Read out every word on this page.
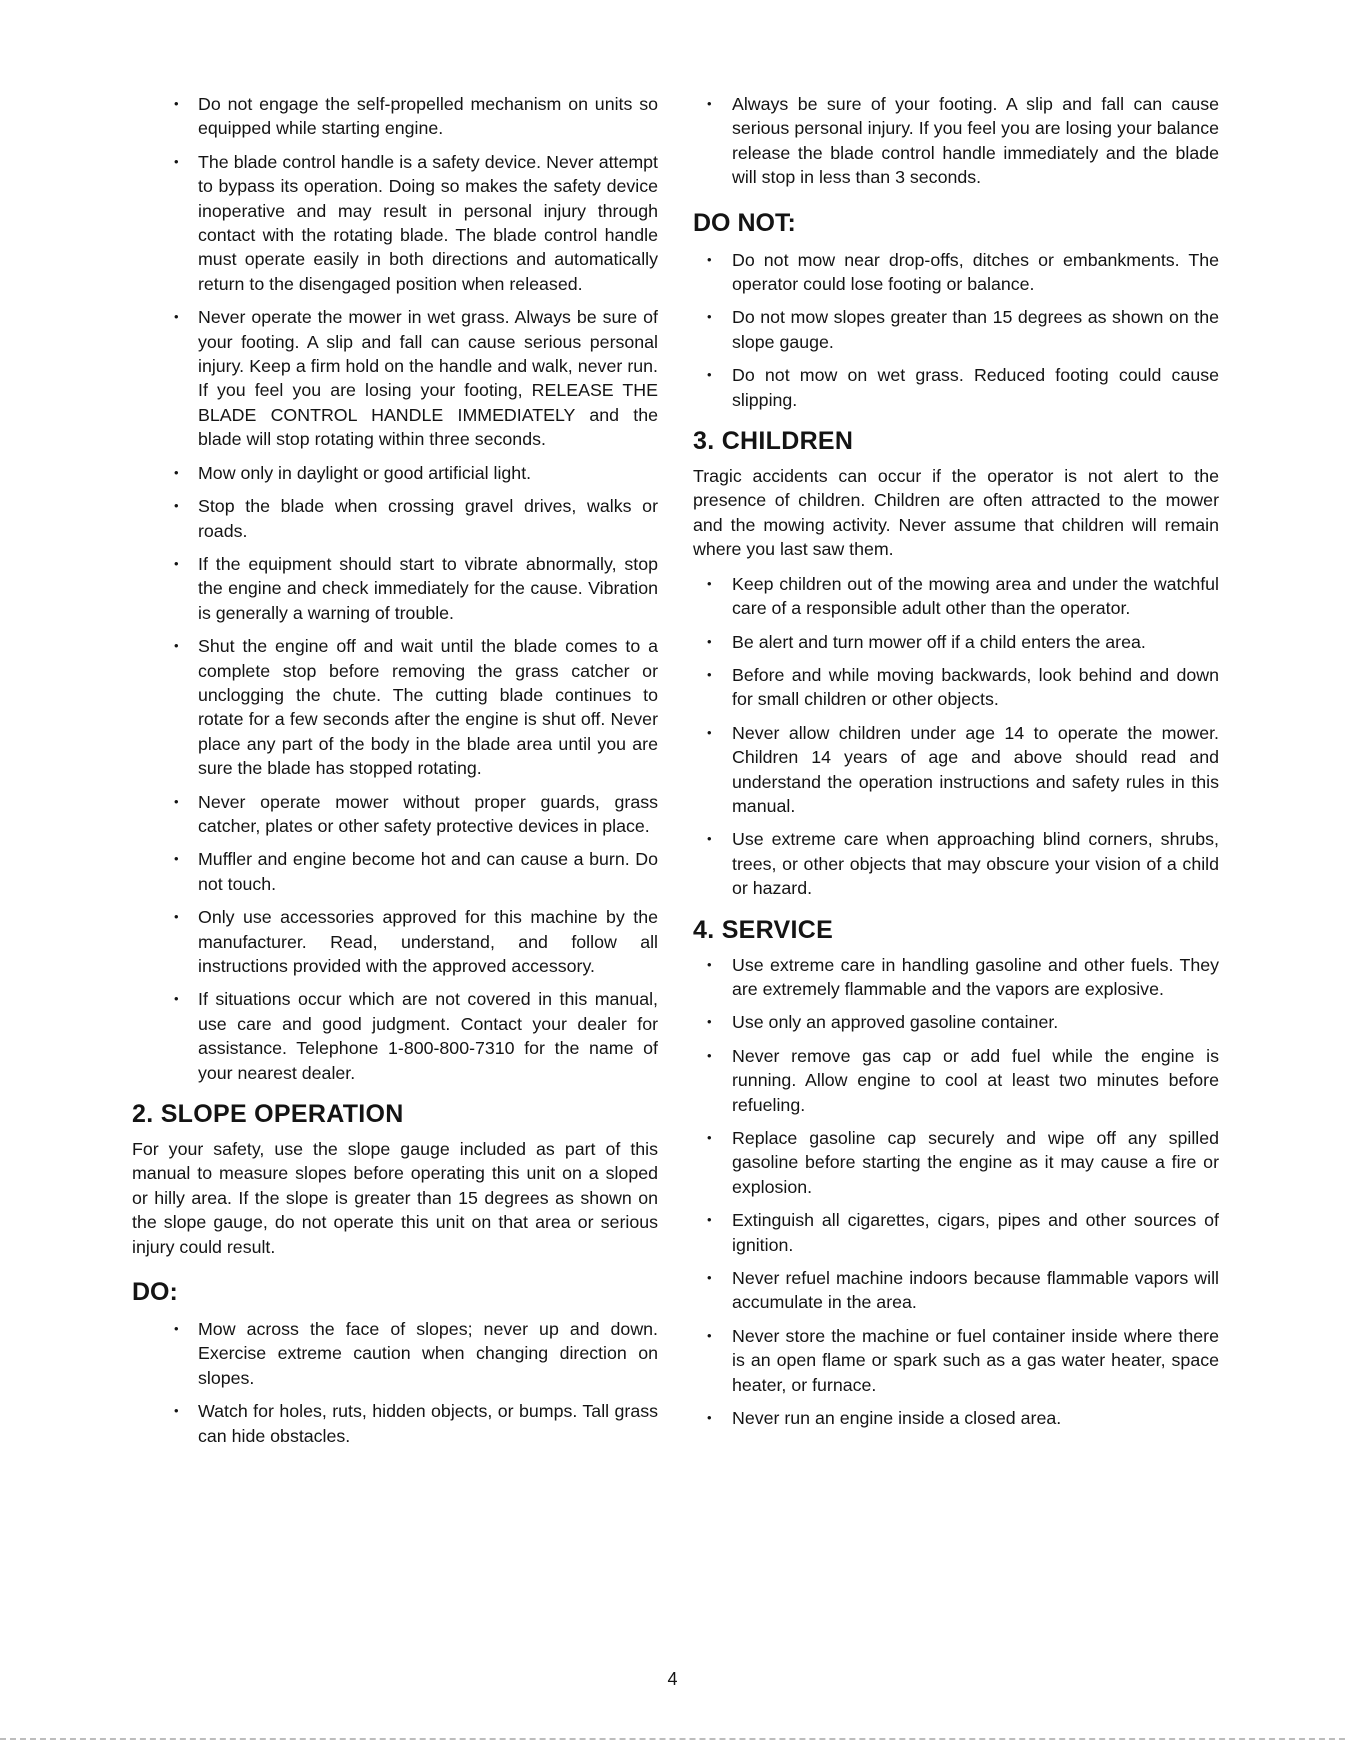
• Do not engage the self-propelled mechanism on units so equipped while starting engine.
• The blade control handle is a safety device. Never attempt to bypass its operation. Doing so makes the safety device inoperative and may result in personal injury through contact with the rotating blade. The blade control handle must operate easily in both directions and automatically return to the disengaged position when released.
• Never operate the mower in wet grass. Always be sure of your footing. A slip and fall can cause serious personal injury. Keep a firm hold on the handle and walk, never run. If you feel you are losing your footing, RELEASE THE BLADE CONTROL HANDLE IMMEDIATELY and the blade will stop rotating within three seconds.
• Mow only in daylight or good artificial light.
• Stop the blade when crossing gravel drives, walks or roads.
• If the equipment should start to vibrate abnormally, stop the engine and check immediately for the cause. Vibration is generally a warning of trouble.
• Shut the engine off and wait until the blade comes to a complete stop before removing the grass catcher or unclogging the chute. The cutting blade continues to rotate for a few seconds after the engine is shut off. Never place any part of the body in the blade area until you are sure the blade has stopped rotating.
• Never operate mower without proper guards, grass catcher, plates or other safety protective devices in place.
• Muffler and engine become hot and can cause a burn. Do not touch.
• Only use accessories approved for this machine by the manufacturer. Read, understand, and follow all instructions provided with the approved accessory.
• If situations occur which are not covered in this manual, use care and good judgment. Contact your dealer for assistance. Telephone 1-800-800-7310 for the name of your nearest dealer.
2. SLOPE OPERATION

For your safety, use the slope gauge included as part of this manual to measure slopes before operating this unit on a sloped or hilly area. If the slope is greater than 15 degrees as shown on the slope gauge, do not operate this unit on that area or serious injury could result.

DO:
• Mow across the face of slopes; never up and down. Exercise extreme caution when changing direction on slopes.
• Watch for holes, ruts, hidden objects, or bumps. Tall grass can hide obstacles.
• Always be sure of your footing. A slip and fall can cause serious personal injury. If you feel you are losing your balance release the blade control handle immediately and the blade will stop in less than 3 seconds.
DO NOT:
• Do not mow near drop-offs, ditches or embankments. The operator could lose footing or balance.
• Do not mow slopes greater than 15 degrees as shown on the slope gauge.
• Do not mow on wet grass. Reduced footing could cause slipping.
3. CHILDREN

Tragic accidents can occur if the operator is not alert to the presence of children. Children are often attracted to the mower and the mowing activity. Never assume that children will remain where you last saw them.

• Keep children out of the mowing area and under the watchful care of a responsible adult other than the operator.
• Be alert and turn mower off if a child enters the area.
• Before and while moving backwards, look behind and down for small children or other objects.
• Never allow children under age 14 to operate the mower. Children 14 years of age and above should read and understand the operation instructions and safety rules in this manual.
• Use extreme care when approaching blind corners, shrubs, trees, or other objects that may obscure your vision of a child or hazard.
4. SERVICE
• Use extreme care in handling gasoline and other fuels. They are extremely flammable and the vapors are explosive.
• Use only an approved gasoline container.
• Never remove gas cap or add fuel while the engine is running. Allow engine to cool at least two minutes before refueling.
• Replace gasoline cap securely and wipe off any spilled gasoline before starting the engine as it may cause a fire or explosion.
• Extinguish all cigarettes, cigars, pipes and other sources of ignition.
• Never refuel machine indoors because flammable vapors will accumulate in the area.
• Never store the machine or fuel container inside where there is an open flame or spark such as a gas water heater, space heater, or furnace.
• Never run an engine inside a closed area.
4
